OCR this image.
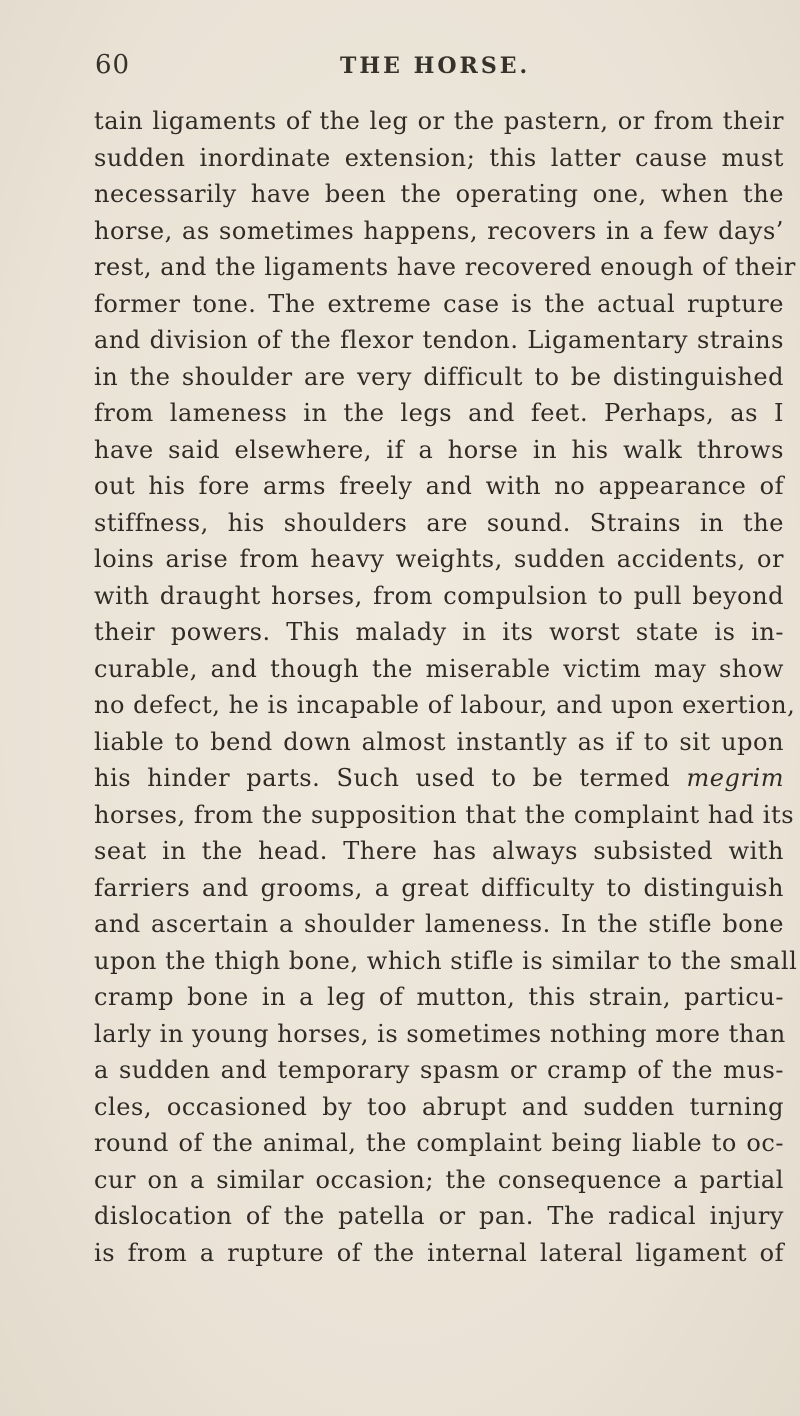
60	THE HORSE.
tain ligaments of the leg or the pastern, or from their
sudden inordinate extension; this latter cause must
necessarily have been the operating one, when the
horse, as sometimes happens, recovers in a few days’
rest, and the ligaments have recovered enough of their
former tone. The extreme case is the actual rupture
and division of the flexor tendon. Ligamentary strains
in the shoulder are very difficult to be distinguished
from lameness in the legs and feet. Perhaps, as I
have said elsewhere, if a horse in his walk throws
out his fore arms freely and with no appearance of
stiffness, his shoulders are sound. Strains in the
loins arise from heavy weights, sudden accidents, or
with draught horses, from compulsion to pull beyond
their powers. This malady in its worst state is in-
curable, and though the miserable victim may show
no defect, he is incapable of labour, and upon exertion,
liable to bend down almost instantly as if to sit upon
his hinder parts. Such used to be termed megrim
horses, from the supposition that the complaint had its
seat in the head. There has always subsisted with
farriers and grooms, a great difficulty to distinguish
and ascertain a shoulder lameness. In the stifle bone
upon the thigh bone, which stifle is similar to the small
cramp bone in a leg of mutton, this strain, particu-
larly in young horses, is sometimes nothing more than
a sudden and temporary spasm or cramp of the mus-
cles, occasioned by too abrupt and sudden turning
round of the animal, the complaint being liable to oc-
cur on a similar occasion; the consequence a partial
dislocation of the patella or pan. The radical injury
is from a rupture of the internal lateral ligament of
